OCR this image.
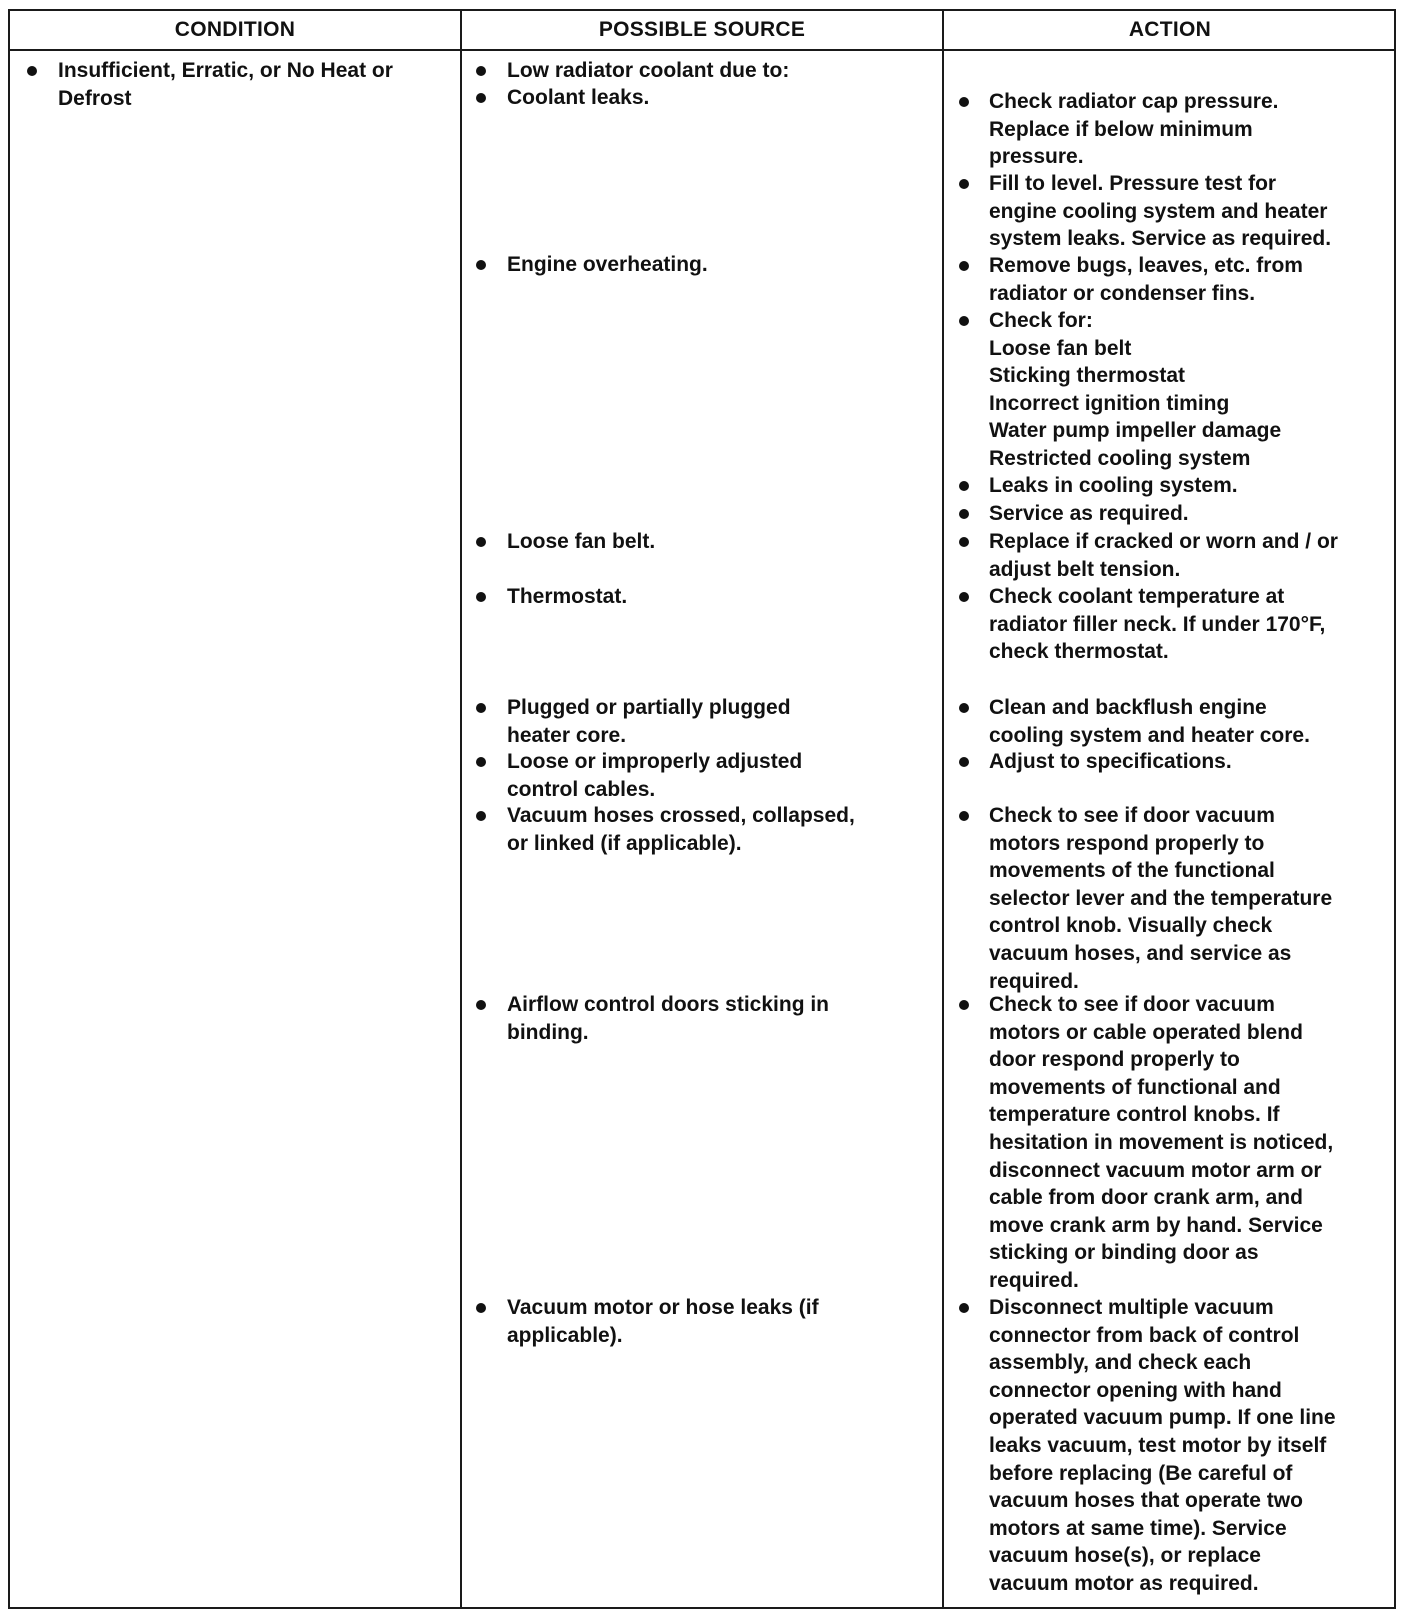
CONDITION	POSSIBLE SOURCE	ACTION
Insufficient, Erratic, or No Heat or
Defrost
Low radiator coolant due to:
Coolant leaks.
Engine overheating.
Loose fan belt.
Thermostat.
Plugged or partially plugged
heater core.
Loose or improperly adjusted
control cables.
Vacuum hoses crossed, collapsed,
or linked (if applicable).
Airflow control doors sticking in
binding.
Vacuum motor or hose leaks (if
applicable).
Check radiator cap pressure.
Replace if below minimum
pressure.
Fill to level. Pressure test for
engine cooling system and heater
system leaks. Service as required.
Remove bugs, leaves, etc. from
radiator or condenser fins.
Check for:
Loose fan belt
Sticking thermostat
Incorrect ignition timing
Water pump impeller damage
Restricted cooling system
Leaks in cooling system.
Service as required.
Replace if cracked or worn and / or
adjust belt tension.
Check coolant temperature at
radiator filler neck. If under 170°F,
check thermostat.
Clean and backflush engine
cooling system and heater core.
Adjust to specifications.
Check to see if door vacuum
motors respond properly to
movements of the functional
selector lever and the temperature
control knob. Visually check
vacuum hoses, and service as
required.
Check to see if door vacuum
motors or cable operated blend
door respond properly to
movements of functional and
temperature control knobs. If
hesitation in movement is noticed,
disconnect vacuum motor arm or
cable from door crank arm, and
move crank arm by hand. Service
sticking or binding door as
required.
Disconnect multiple vacuum
connector from back of control
assembly, and check each
connector opening with hand
operated vacuum pump. If one line
leaks vacuum, test motor by itself
before replacing (Be careful of
vacuum hoses that operate two
motors at same time). Service
vacuum hose(s), or replace
vacuum motor as required.
